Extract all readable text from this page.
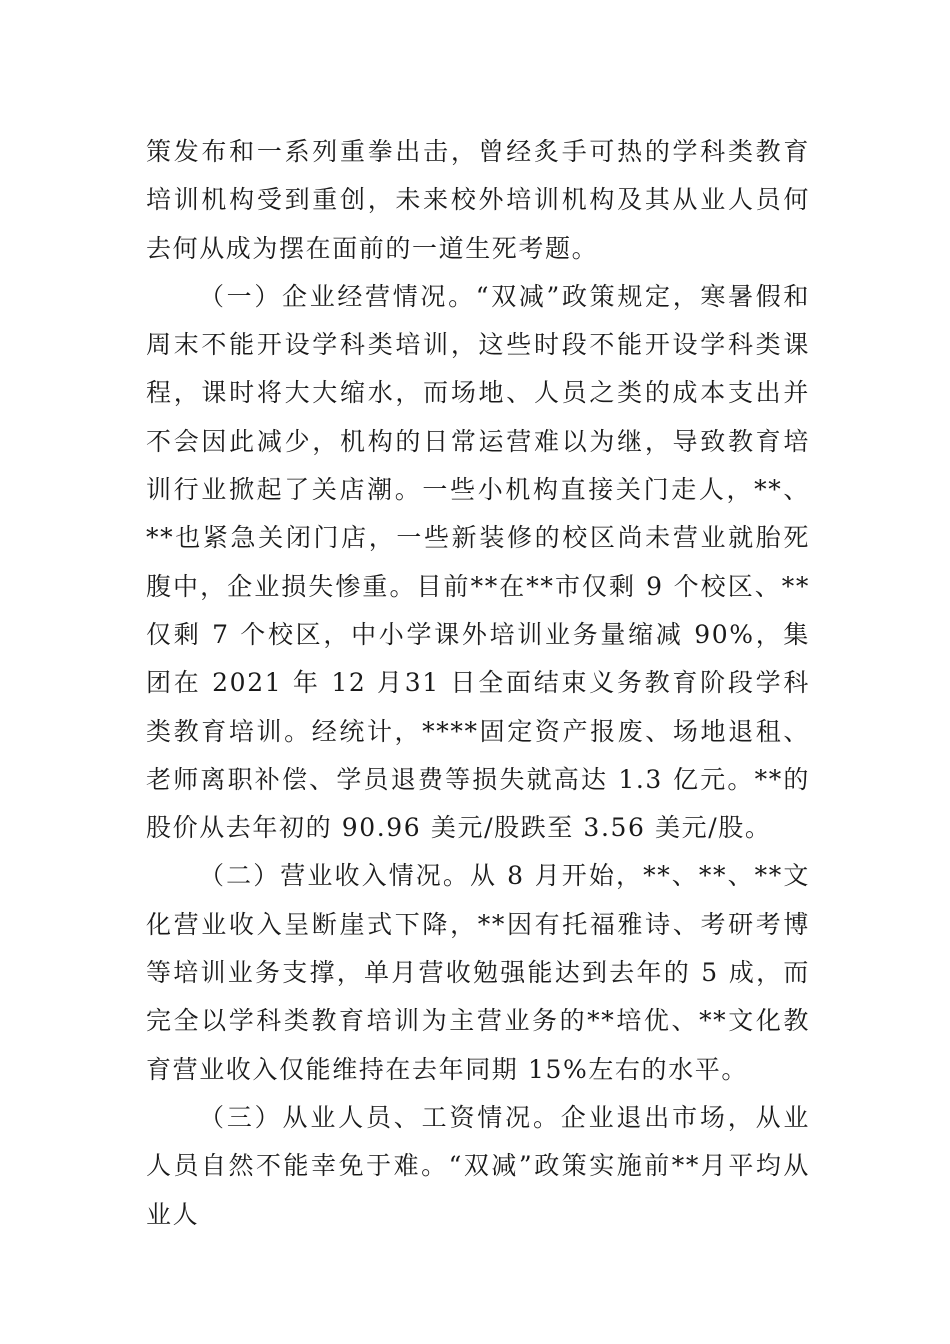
策发布和一系列重拳出击，曾经炙手可热的学科类教育培训机构受到重创，未来校外培训机构及其从业人员何去何从成为摆在面前的一道生死考题。

（一）企业经营情况。“双减”政策规定，寒暑假和周末不能开设学科类培训，这些时段不能开设学科类课程，课时将大大缩水，而场地、人员之类的成本支出并不会因此减少，机构的日常运营难以为继，导致教育培训行业掀起了关店潮。一些小机构直接关门走人，**、**也紧急关闭门店，一些新装修的校区尚未营业就胎死腹中，企业损失惨重。目前**在**市仅剩 9 个校区、**仅剩 7 个校区，中小学课外培训业务量缩减 90%，集团在 2021 年 12 月31 日全面结束义务教育阶段学科类教育培训。经统计，****固定资产报废、场地退租、老师离职补偿、学员退费等损失就高达 1.3 亿元。**的股价从去年初的 90.96 美元/股跌至 3.56 美元/股。

（二）营业收入情况。从 8 月开始，**、**、**文化营业收入呈断崖式下降，**因有托福雅诗、考研考博等培训业务支撑，单月营收勉强能达到去年的 5 成，而完全以学科类教育培训为主营业务的**培优、**文化教育营业收入仅能维持在去年同期 15%左右的水平。

（三）从业人员、工资情况。企业退出市场，从业人员自然不能幸免于难。“双减”政策实施前**月平均从业人
